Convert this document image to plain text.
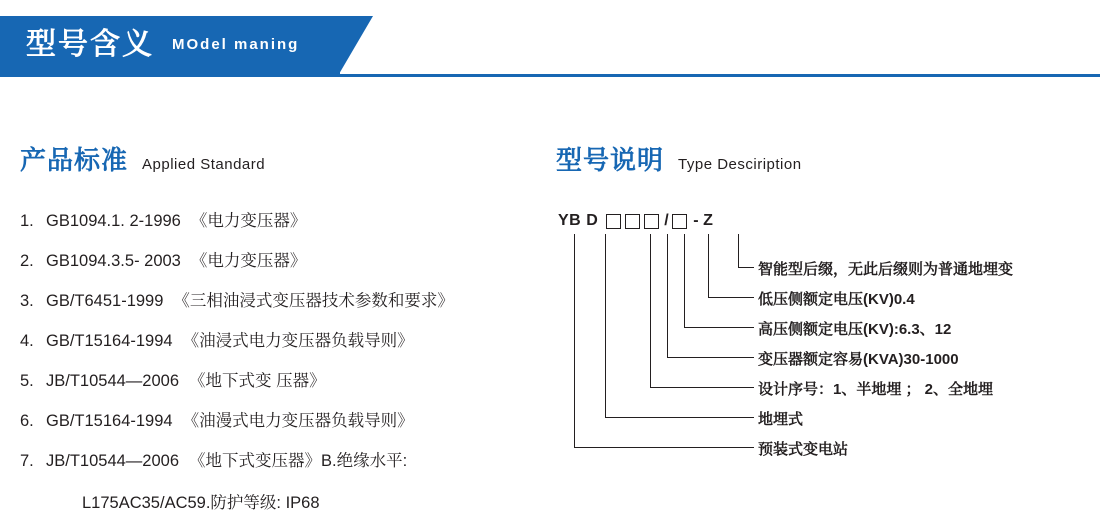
型号含义 MOdel maning
产品标准 Applied Standard	型号说明 Type Desciription
1. GB1094.1. 2-1996 《电力变压器》
2. GB1094.3.5- 2003 《电力变压器》
3. GB/T6451-1999 《三相油浸式变压器技术参数和要求》
4. GB/T15164-1994 《油浸式电力变压器负载导则》
5. JB/T10544—2006 《地下式变 压器》
6. GB/T15164-1994 《油漫式电力变压器负载导则》
7. JB/T10544—2006 《地下式变压器》B.绝缘水平:
L175AC35/AC59.防护等级: IP68
YB D	/ - Z
智能型后缀，无此后缀则为普通地埋变
低压侧额定电压(KV)0.4
高压侧额定电压(KV):6.3、12
变压器额定容易(KVA)30-1000
设计序号：1、半地埋 ； 2、全地埋
地埋式
预装式变电站
